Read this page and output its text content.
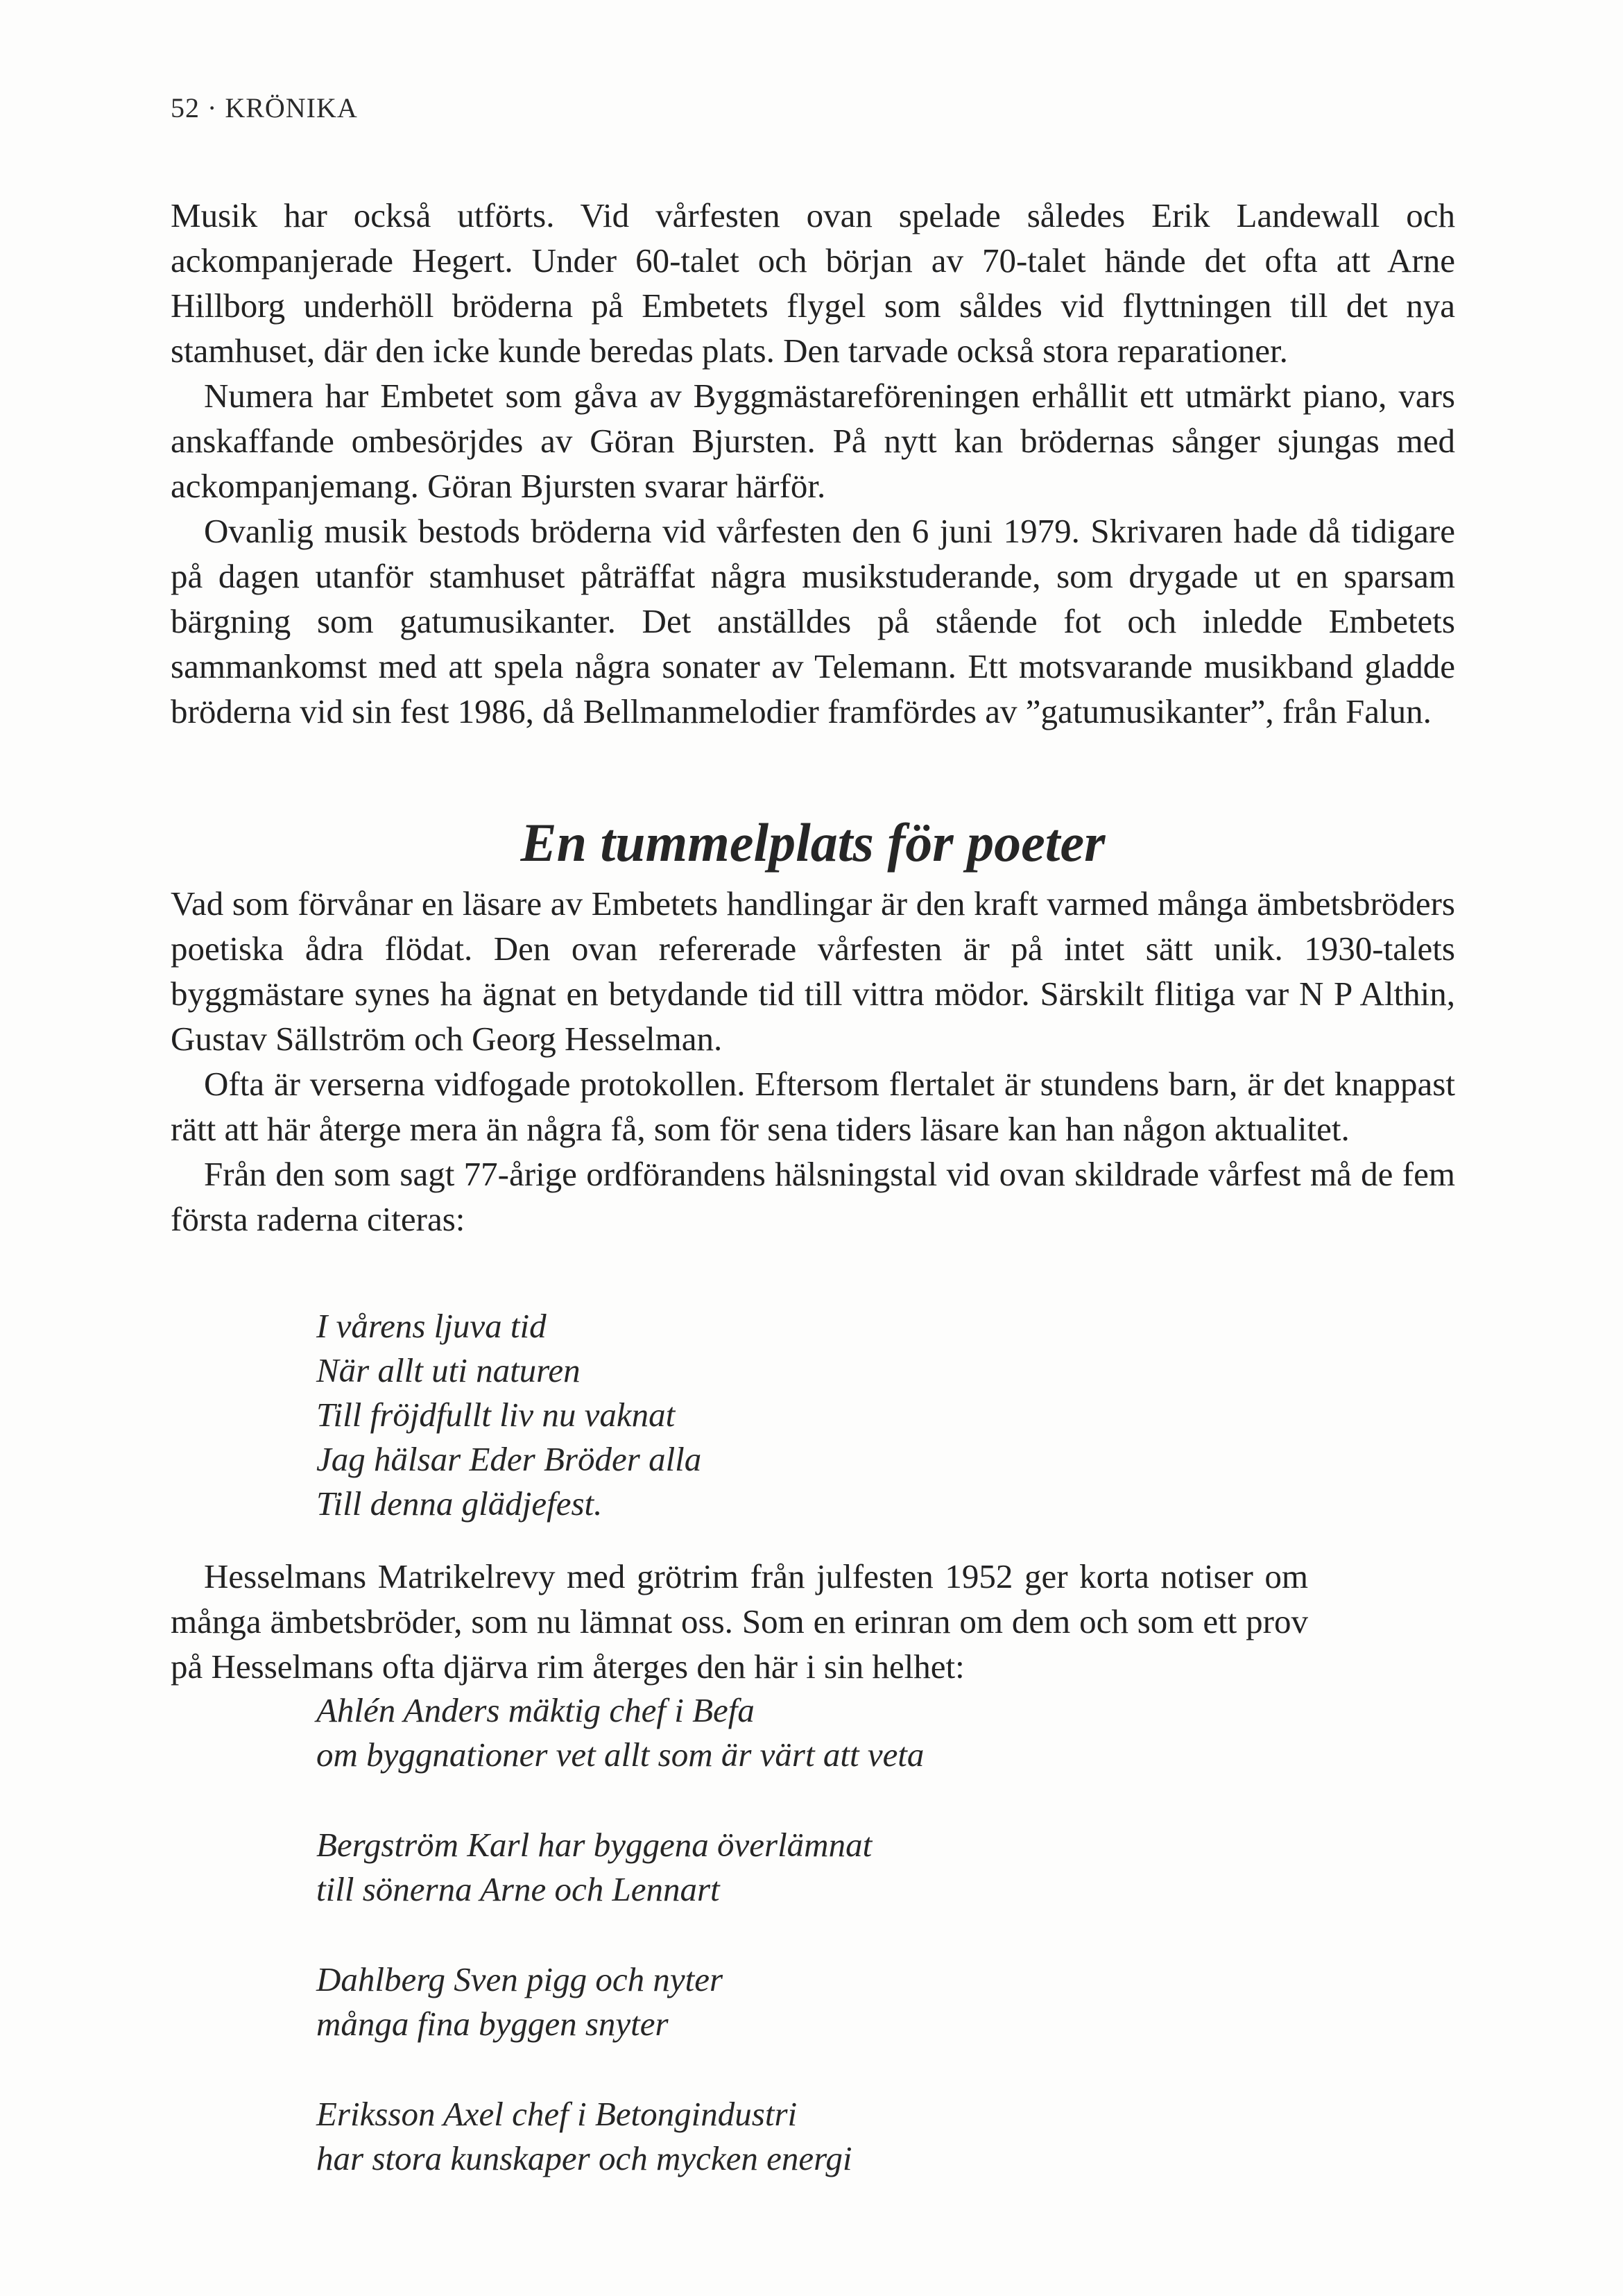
52 · KRÖNIKA

Musik har också utförts. Vid vårfesten ovan spelade således Erik Landewall och ackompanjerade Hegert. Under 60-talet och början av 70-talet hände det ofta att Arne Hillborg underhöll bröderna på Embetets flygel som såldes vid flyttningen till det nya stamhuset, där den icke kunde beredas plats. Den tarvade också stora reparationer.

Numera har Embetet som gåva av Byggmästareföreningen erhållit ett utmärkt piano, vars anskaffande ombesörjdes av Göran Bjursten. På nytt kan brödernas sånger sjungas med ackompanjemang. Göran Bjursten svarar härför.

Ovanlig musik bestods bröderna vid vårfesten den 6 juni 1979. Skrivaren hade då tidigare på dagen utanför stamhuset påträffat några musikstuderande, som drygade ut en sparsam bärgning som gatumusikanter. Det anställdes på stående fot och inledde Embetets sammankomst med att spela några sonater av Telemann. Ett motsvarande musikband gladde bröderna vid sin fest 1986, då Bellmanmelodier framfördes av ”gatumusikanter”, från Falun.

En tummelplats för poeter

Vad som förvånar en läsare av Embetets handlingar är den kraft varmed många ämbetsbröders poetiska ådra flödat. Den ovan refererade vårfesten är på intet sätt unik. 1930-talets byggmästare synes ha ägnat en betydande tid till vittra mödor. Särskilt flitiga var N P Althin, Gustav Sällström och Georg Hesselman.

Ofta är verserna vidfogade protokollen. Eftersom flertalet är stundens barn, är det knappast rätt att här återge mera än några få, som för sena tiders läsare kan han någon aktualitet.

Från den som sagt 77-årige ordförandens hälsningstal vid ovan skildrade vårfest må de fem första raderna citeras:

I vårens ljuva tid
När allt uti naturen
Till fröjdfullt liv nu vaknat
Jag hälsar Eder Bröder alla
Till denna glädjefest.

Hesselmans Matrikelrevy med grötrim från julfesten 1952 ger korta notiser om många ämbetsbröder, som nu lämnat oss. Som en erinran om dem och som ett prov på Hesselmans ofta djärva rim återges den här i sin helhet:

Ahlén Anders mäktig chef i Befa
om byggnationer vet allt som är värt att veta
Bergström Karl har byggena överlämnat
till sönerna Arne och Lennart
Dahlberg Sven pigg och nyter
många fina byggen snyter
Eriksson Axel chef i Betongindustri
har stora kunskaper och mycken energi
